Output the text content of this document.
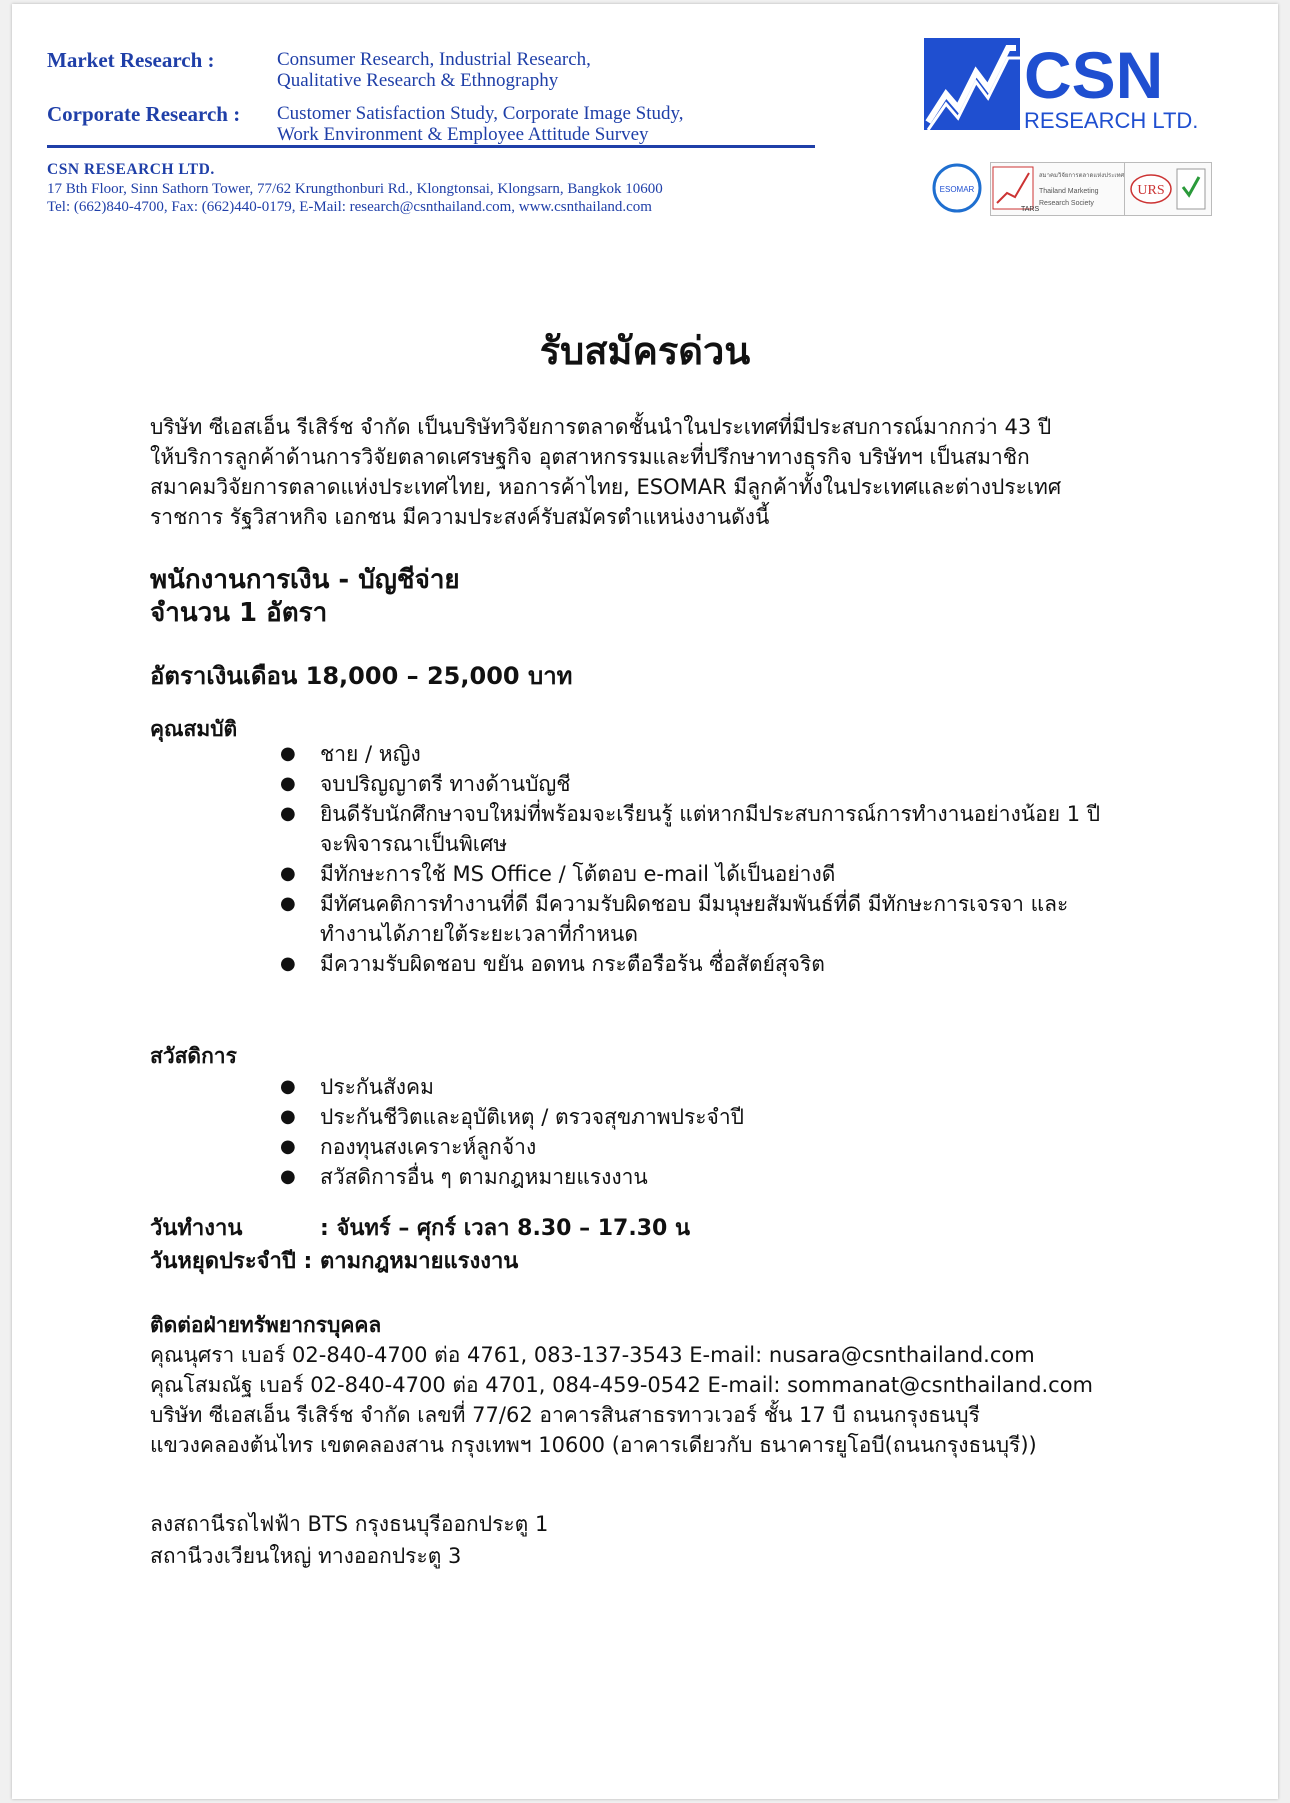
Market Research :	Consumer Research, Industrial Research,
Qualitative Research & Ethnography
Corporate Research : Customer Satisfaction Study, Corporate Image Study,
Work Environment & Employee Attitude Survey
CSN RESEARCH LTD.
17 Bth Floor, Sinn Sathorn Tower, 77/62 Krungthonburi Rd., Klongtonsai, Klongsarn, Bangkok 10600
Tel: (662)840-4700, Fax: (662)440-0179, E-Mail: research@csnthailand.com, www.csnthailand.com
CSN
RESEARCH LTD.
ESOMAR
TARS
สมาคมวิจัยการตลาดแห่งประเทศไทย
Thailand Marketing
Research Society
URS
รับสมัครด่วน
บริษัท ซีเอสเอ็น รีเสิร์ช จำกัด เป็นบริษัทวิจัยการตลาดชั้นนำในประเทศที่มีประสบการณ์มากกว่า 43 ปี
ให้บริการลูกค้าด้านการวิจัยตลาดเศรษฐกิจ อุตสาหกรรมและที่ปรึกษาทางธุรกิจ บริษัทฯ เป็นสมาชิก
สมาคมวิจัยการตลาดแห่งประเทศไทย, หอการค้าไทย, ESOMAR มีลูกค้าทั้งในประเทศและต่างประเทศ
ราชการ รัฐวิสาหกิจ เอกชน มีความประสงค์รับสมัครตำแหน่งงานดังนี้
พนักงานการเงิน - บัญชีจ่าย
จำนวน 1 อัตรา
อัตราเงินเดือน 18,000 – 25,000 บาท
คุณสมบัติ
● ชาย / หญิง
● จบปริญญาตรี ทางด้านบัญชี
● ยินดีรับนักศึกษาจบใหม่ที่พร้อมจะเรียนรู้ แต่หากมีประสบการณ์การทำงานอย่างน้อย 1 ปี
จะพิจารณาเป็นพิเศษ
● มีทักษะการใช้ MS Office / โต้ตอบ e-mail ได้เป็นอย่างดี
● มีทัศนคติการทำงานที่ดี มีความรับผิดชอบ มีมนุษยสัมพันธ์ที่ดี มีทักษะการเจรจา และ
ทำงานได้ภายใต้ระยะเวลาที่กำหนด
● มีความรับผิดชอบ ขยัน อดทน กระตือรือร้น ซื่อสัตย์สุจริต
สวัสดิการ
● ประกันสังคม
● ประกันชีวิตและอุบัติเหตุ / ตรวจสุขภาพประจำปี
● กองทุนสงเคราะห์ลูกจ้าง
● สวัสดิการอื่น ๆ ตามกฎหมายแรงงาน
วันทำงาน	: จันทร์ – ศุกร์ เวลา 8.30 – 17.30 น
วันหยุดประจำปี : ตามกฎหมายแรงงาน
ติดต่อฝ่ายทรัพยากรบุคคล
คุณนุศรา เบอร์ 02-840-4700 ต่อ 4761, 083-137-3543 E-mail: nusara@csnthailand.com
คุณโสมณัฐ เบอร์ 02-840-4700 ต่อ 4701, 084-459-0542 E-mail: sommanat@csnthailand.com
บริษัท ซีเอสเอ็น รีเสิร์ช จำกัด เลขที่ 77/62 อาคารสินสาธรทาวเวอร์ ชั้น 17 บี ถนนกรุงธนบุรี
แขวงคลองต้นไทร เขตคลองสาน กรุงเทพฯ 10600 (อาคารเดียวกับ ธนาคารยูโอบี(ถนนกรุงธนบุรี))
ลงสถานีรถไฟฟ้า BTS กรุงธนบุรีออกประตู 1
สถานีวงเวียนใหญ่ ทางออกประตู 3
